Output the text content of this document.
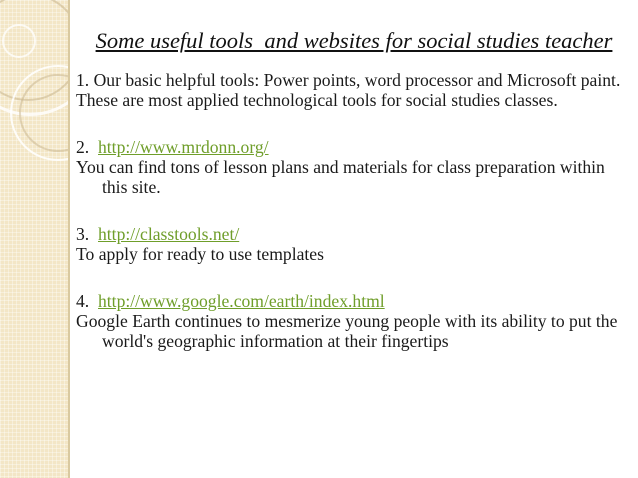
Some useful tools  and websites for social studies teacher

1. Our basic helpful tools: Power points, word processor and Microsoft paint.

These are most applied technological tools for social studies classes.

2. http://www.mrdonn.org/

You can find tons of lesson plans and materials for class preparation within this site.

3. http://classtools.net/

To apply for ready to use templates

4. http://www.google.com/earth/index.html

Google Earth continues to mesmerize young people with its ability to put the world's geographic information at their fingertips
